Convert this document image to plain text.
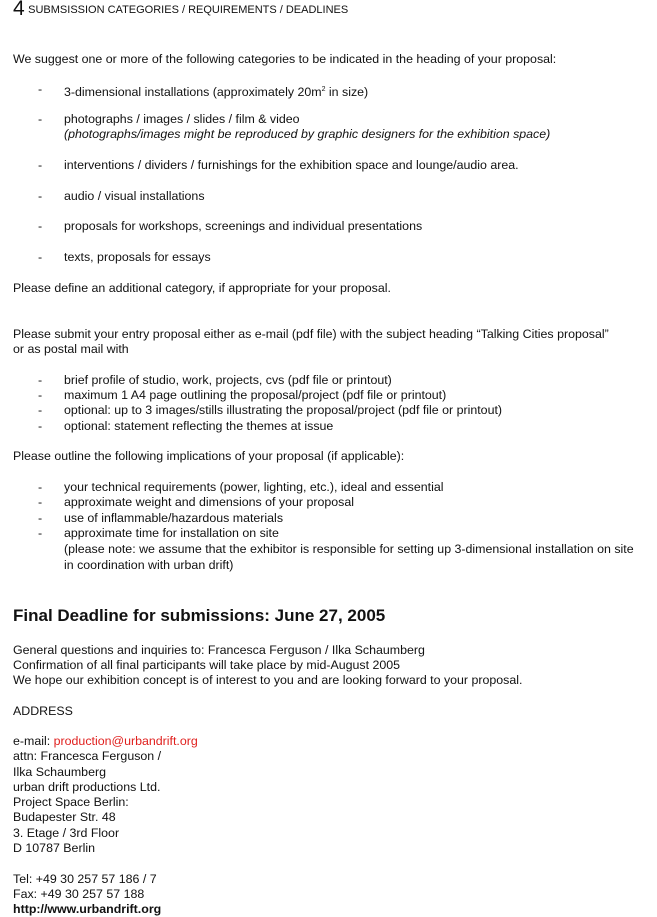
4 SUBMSISSION CATEGORIES / REQUIREMENTS / DEADLINES
We suggest one or more of the following categories to be indicated in the heading of your proposal:
- 3-dimensional installations (approximately $20m^2$ in size)
- photographs / images / slides / film & video
(photographs/images might be reproduced by graphic designers for the exhibition space)
- interventions / dividers / furnishings for the exhibition space and lounge/audio area.
- audio / visual installations
- proposals for workshops, screenings and individual presentations
- texts, proposals for essays
Please define an additional category, if appropriate for your proposal.
Please submit your entry proposal either as e-mail (pdf file) with the subject heading “Talking Cities proposal”
or as postal mail with
- brief profile of studio, work, projects, cvs (pdf file or printout)
- maximum 1 A4 page outlining the proposal/project (pdf file or printout)
- optional: up to 3 images/stills illustrating the proposal/project (pdf file or printout)
- optional: statement reflecting the themes at issue
Please outline the following implications of your proposal (if applicable):
- your technical requirements (power, lighting, etc.), ideal and essential
- approximate weight and dimensions of your proposal
- use of inflammable/hazardous materials
- approximate time for installation on site
(please note: we assume that the exhibitor is responsible for setting up 3-dimensional installation on site
in coordination with urban drift)
Final Deadline for submissions: June 27, 2005
General questions and inquiries to: Francesca Ferguson / Ilka Schaumberg
Confirmation of all final participants will take place by mid-August 2005
We hope our exhibition concept is of interest to you and are looking forward to your proposal.
ADDRESS
e-mail: production@urbandrift.org
attn: Francesca Ferguson /
Ilka Schaumberg
urban drift productions Ltd.
Project Space Berlin:
Budapester Str. 48
3. Etage / 3rd Floor
D 10787 Berlin
Tel: +49 30 257 57 186 / 7
Fax: +49 30 257 57 188
http://www.urbandrift.org
